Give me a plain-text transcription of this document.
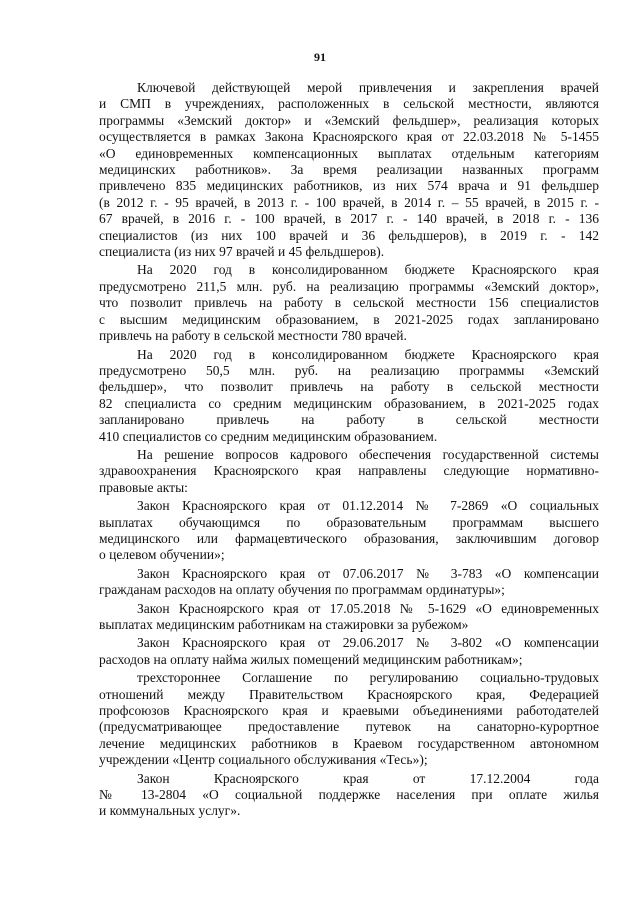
91
Ключевой действующей мерой привлечения и закрепления врачей
и СМП в учреждениях, расположенных в сельской местности, являются
программы «Земский доктор» и «Земский фельдшер», реализация которых
осуществляется в рамках Закона Красноярского края от 22.03.2018 № 5-1455
«О единовременных компенсационных выплатах отдельным категориям
медицинских работников». За время реализации названных программ
привлечено 835 медицинских работников, из них 574 врача и 91 фельдшер
(в 2012 г. - 95 врачей, в 2013 г. - 100 врачей, в 2014 г. – 55 врачей, в 2015 г. -
67 врачей, в 2016 г. - 100 врачей, в 2017 г. - 140 врачей, в 2018 г. - 136
специалистов (из них 100 врачей и 36 фельдшеров), в 2019 г. - 142
специалиста (из них 97 врачей и 45 фельдшеров).
На 2020 год в консолидированном бюджете Красноярского края
предусмотрено 211,5 млн. руб. на реализацию программы «Земский доктор»,
что позволит привлечь на работу в сельской местности 156 специалистов
с высшим медицинским образованием, в 2021-2025 годах запланировано
привлечь на работу в сельской местности 780 врачей.
На 2020 год в консолидированном бюджете Красноярского края
предусмотрено 50,5 млн. руб. на реализацию программы «Земский
фельдшер», что позволит привлечь на работу в сельской местности
82 специалиста со средним медицинским образованием, в 2021-2025 годах
запланировано привлечь на работу в сельской местности
410 специалистов со средним медицинским образованием.
На решение вопросов кадрового обеспечения государственной системы
здравоохранения Красноярского края направлены следующие нормативно-
правовые акты:
Закон Красноярского края от 01.12.2014 № 7-2869 «О социальных
выплатах обучающимся по образовательным программам высшего
медицинского или фармацевтического образования, заключившим договор
о целевом обучении»;
Закон Красноярского края от 07.06.2017 № 3-783 «О компенсации
гражданам расходов на оплату обучения по программам ординатуры»;
Закон Красноярского края от 17.05.2018 № 5-1629 «О единовременных
выплатах медицинским работникам на стажировки за рубежом»
Закон Красноярского края от 29.06.2017 № 3-802 «О компенсации
расходов на оплату найма жилых помещений медицинским работникам»;
трехстороннее Соглашение по регулированию социально-трудовых
отношений между Правительством Красноярского края, Федерацией
профсоюзов Красноярского края и краевыми объединениями работодателей
(предусматривающее предоставление путевок на санаторно-курортное
лечение медицинских работников в Краевом государственном автономном
учреждении «Центр социального обслуживания «Тесь»);
Закон Красноярского края от 17.12.2004 года
№ 13-2804 «О социальной поддержке населения при оплате жилья
и коммунальных услуг».
